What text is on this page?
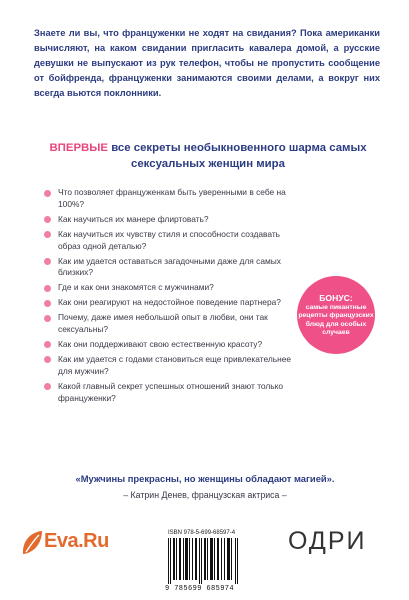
Знаете ли вы, что француженки не ходят на свидания? Пока американки вычисляют, на каком свидании пригласить кавалера домой, а русские девушки не выпускают из рук телефон, чтобы не пропустить сообщение от бойфренда, француженки занимаются своими делами, а вокруг них всегда вьются поклонники.
ВПЕРВЫЕ все секреты необыкновенного шарма самых сексуальных женщин мира
Что позволяет француженкам быть уверенными в себе на 100%?
Как научиться их манере флиртовать?
Как научиться их чувству стиля и способности создавать образ одной деталью?
Как им удается оставаться загадочными даже для самых близких?
Где и как они знакомятся с мужчинами?
Как они реагируют на недостойное поведение партнера?
Почему, даже имея небольшой опыт в любви, они так сексуальны?
Как они поддерживают свою естественную красоту?
Как им удается с годами становиться еще привлекательнее для мужчин?
Какой главный секрет успешных отношений знают только француженки?
БОНУС:
самые пикантные рецепты французских блюд для особых случаев
«Мужчины прекрасны, но женщины обладают магией».
– Катрин Денев, французская актриса –
Eva.Ru	ISBN 978-5-699-68597-4
9 785699 685974
ОДРИ
